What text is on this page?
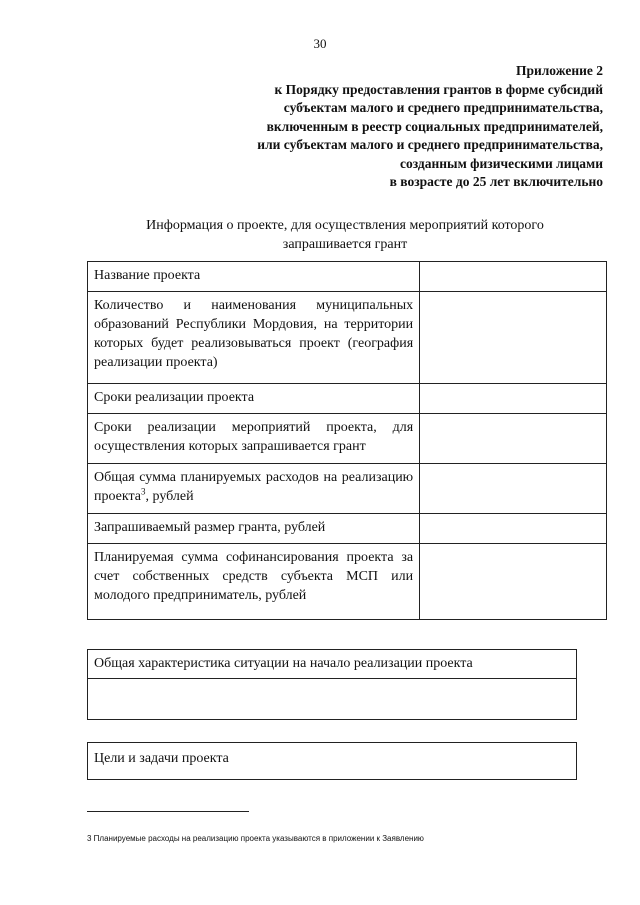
30
Приложение 2
к Порядку предоставления грантов в форме субсидий
субъектам малого и среднего предпринимательства,
включенным в реестр социальных предпринимателей,
или субъектам малого и среднего предпринимательства,
созданным физическими лицами
в возрасте до 25 лет включительно
Информация о проекте, для осуществления мероприятий которого
запрашивается грант
Название проекта	
Количество и наименования муниципальных образований Республики Мордовия, на территории которых будет реализовываться проект (география реализации проекта)	
Сроки реализации проекта	
Сроки реализации мероприятий проекта, для осуществления которых запрашивается грант	
Общая сумма планируемых расходов на реализацию проекта$^3$, рублей	
Запрашиваемый размер гранта, рублей	
Планируемая сумма софинансирования проекта за счет собственных средств субъекта МСП или молодого предприниматель, рублей	
Общая характеристика ситуации на начало реализации проекта

Цели и задачи проекта
3 Планируемые расходы на реализацию проекта указываются в приложении к Заявлению
